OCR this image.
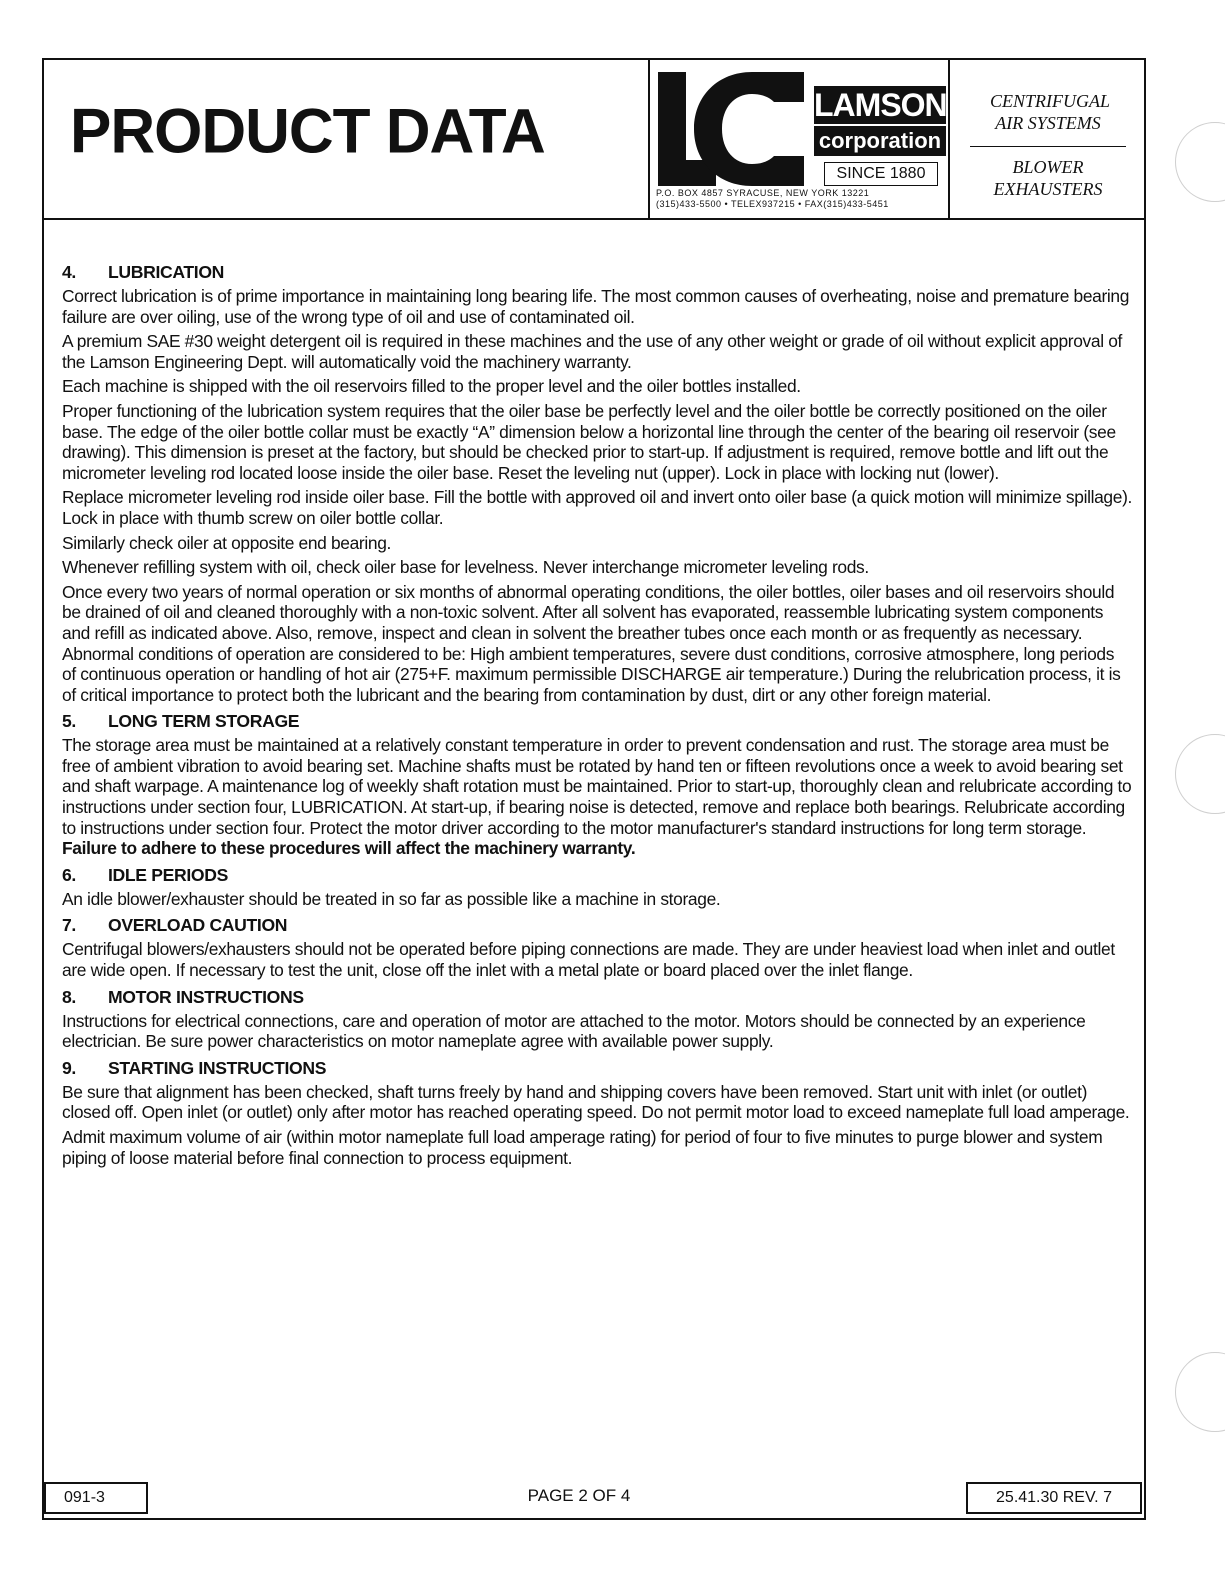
PRODUCT DATA	LAMSON
corporation
SINCE 1880
P.O. BOX 4857 SYRACUSE, NEW YORK 13221
(315)433-5500 • TELEX937215 • FAX(315)433-5451
CENTRIFUGAL AIR SYSTEMS
BLOWER EXHAUSTERS
4. LUBRICATION

Correct lubrication is of prime importance in maintaining long bearing life. The most common causes of overheating, noise and premature bearing failure are over oiling, use of the wrong type of oil and use of contaminated oil.

A premium SAE #30 weight detergent oil is required in these machines and the use of any other weight or grade of oil without explicit approval of the Lamson Engineering Dept. will automatically void the machinery warranty.

Each machine is shipped with the oil reservoirs filled to the proper level and the oiler bottles installed.

Proper functioning of the lubrication system requires that the oiler base be perfectly level and the oiler bottle be correctly positioned on the oiler base. The edge of the oiler bottle collar must be exactly “A” dimension below a horizontal line through the center of the bearing oil reservoir (see drawing). This dimension is preset at the factory, but should be checked prior to start-up. If adjustment is required, remove bottle and lift out the micrometer leveling rod located loose inside the oiler base. Reset the leveling nut (upper). Lock in place with locking nut (lower).

Replace micrometer leveling rod inside oiler base. Fill the bottle with approved oil and invert onto oiler base (a quick motion will minimize spillage). Lock in place with thumb screw on oiler bottle collar.

Similarly check oiler at opposite end bearing.

Whenever refilling system with oil, check oiler base for levelness. Never interchange micrometer leveling rods.

Once every two years of normal operation or six months of abnormal operating conditions, the oiler bottles, oiler bases and oil reservoirs should be drained of oil and cleaned thoroughly with a non-toxic solvent. After all solvent has evaporated, reassemble lubricating system components and refill as indicated above. Also, remove, inspect and clean in solvent the breather tubes once each month or as frequently as necessary. Abnormal conditions of operation are considered to be: High ambient temperatures, severe dust conditions, corrosive atmosphere, long periods of continuous operation or handling of hot air (275+F. maximum permissible DISCHARGE air temperature.) During the relubrication process, it is of critical importance to protect both the lubricant and the bearing from contamination by dust, dirt or any other foreign material.

5. LONG TERM STORAGE

The storage area must be maintained at a relatively constant temperature in order to prevent condensation and rust. The storage area must be free of ambient vibration to avoid bearing set. Machine shafts must be rotated by hand ten or fifteen revolutions once a week to avoid bearing set and shaft warpage. A maintenance log of weekly shaft rotation must be maintained. Prior to start-up, thoroughly clean and relubricate according to instructions under section four, LUBRICATION. At start-up, if bearing noise is detected, remove and replace both bearings. Relubricate according to instructions under section four. Protect the motor driver according to the motor manufacturer's standard instructions for long term storage. Failure to adhere to these procedures will affect the machinery warranty.

6. IDLE PERIODS

An idle blower/exhauster should be treated in so far as possible like a machine in storage.

7. OVERLOAD CAUTION

Centrifugal blowers/exhausters should not be operated before piping connections are made. They are under heaviest load when inlet and outlet are wide open. If necessary to test the unit, close off the inlet with a metal plate or board placed over the inlet flange.

8. MOTOR INSTRUCTIONS

Instructions for electrical connections, care and operation of motor are attached to the motor. Motors should be connected by an experience electrician. Be sure power characteristics on motor nameplate agree with available power supply.

9. STARTING INSTRUCTIONS

Be sure that alignment has been checked, shaft turns freely by hand and shipping covers have been removed. Start unit with inlet (or outlet) closed off. Open inlet (or outlet) only after motor has reached operating speed. Do not permit motor load to exceed nameplate full load amperage.

Admit maximum volume of air (within motor nameplate full load amperage rating) for period of four to five minutes to purge blower and system piping of loose material before final connection to process equipment.

091-3	PAGE 2 OF 4	25.41.30 REV. 7
